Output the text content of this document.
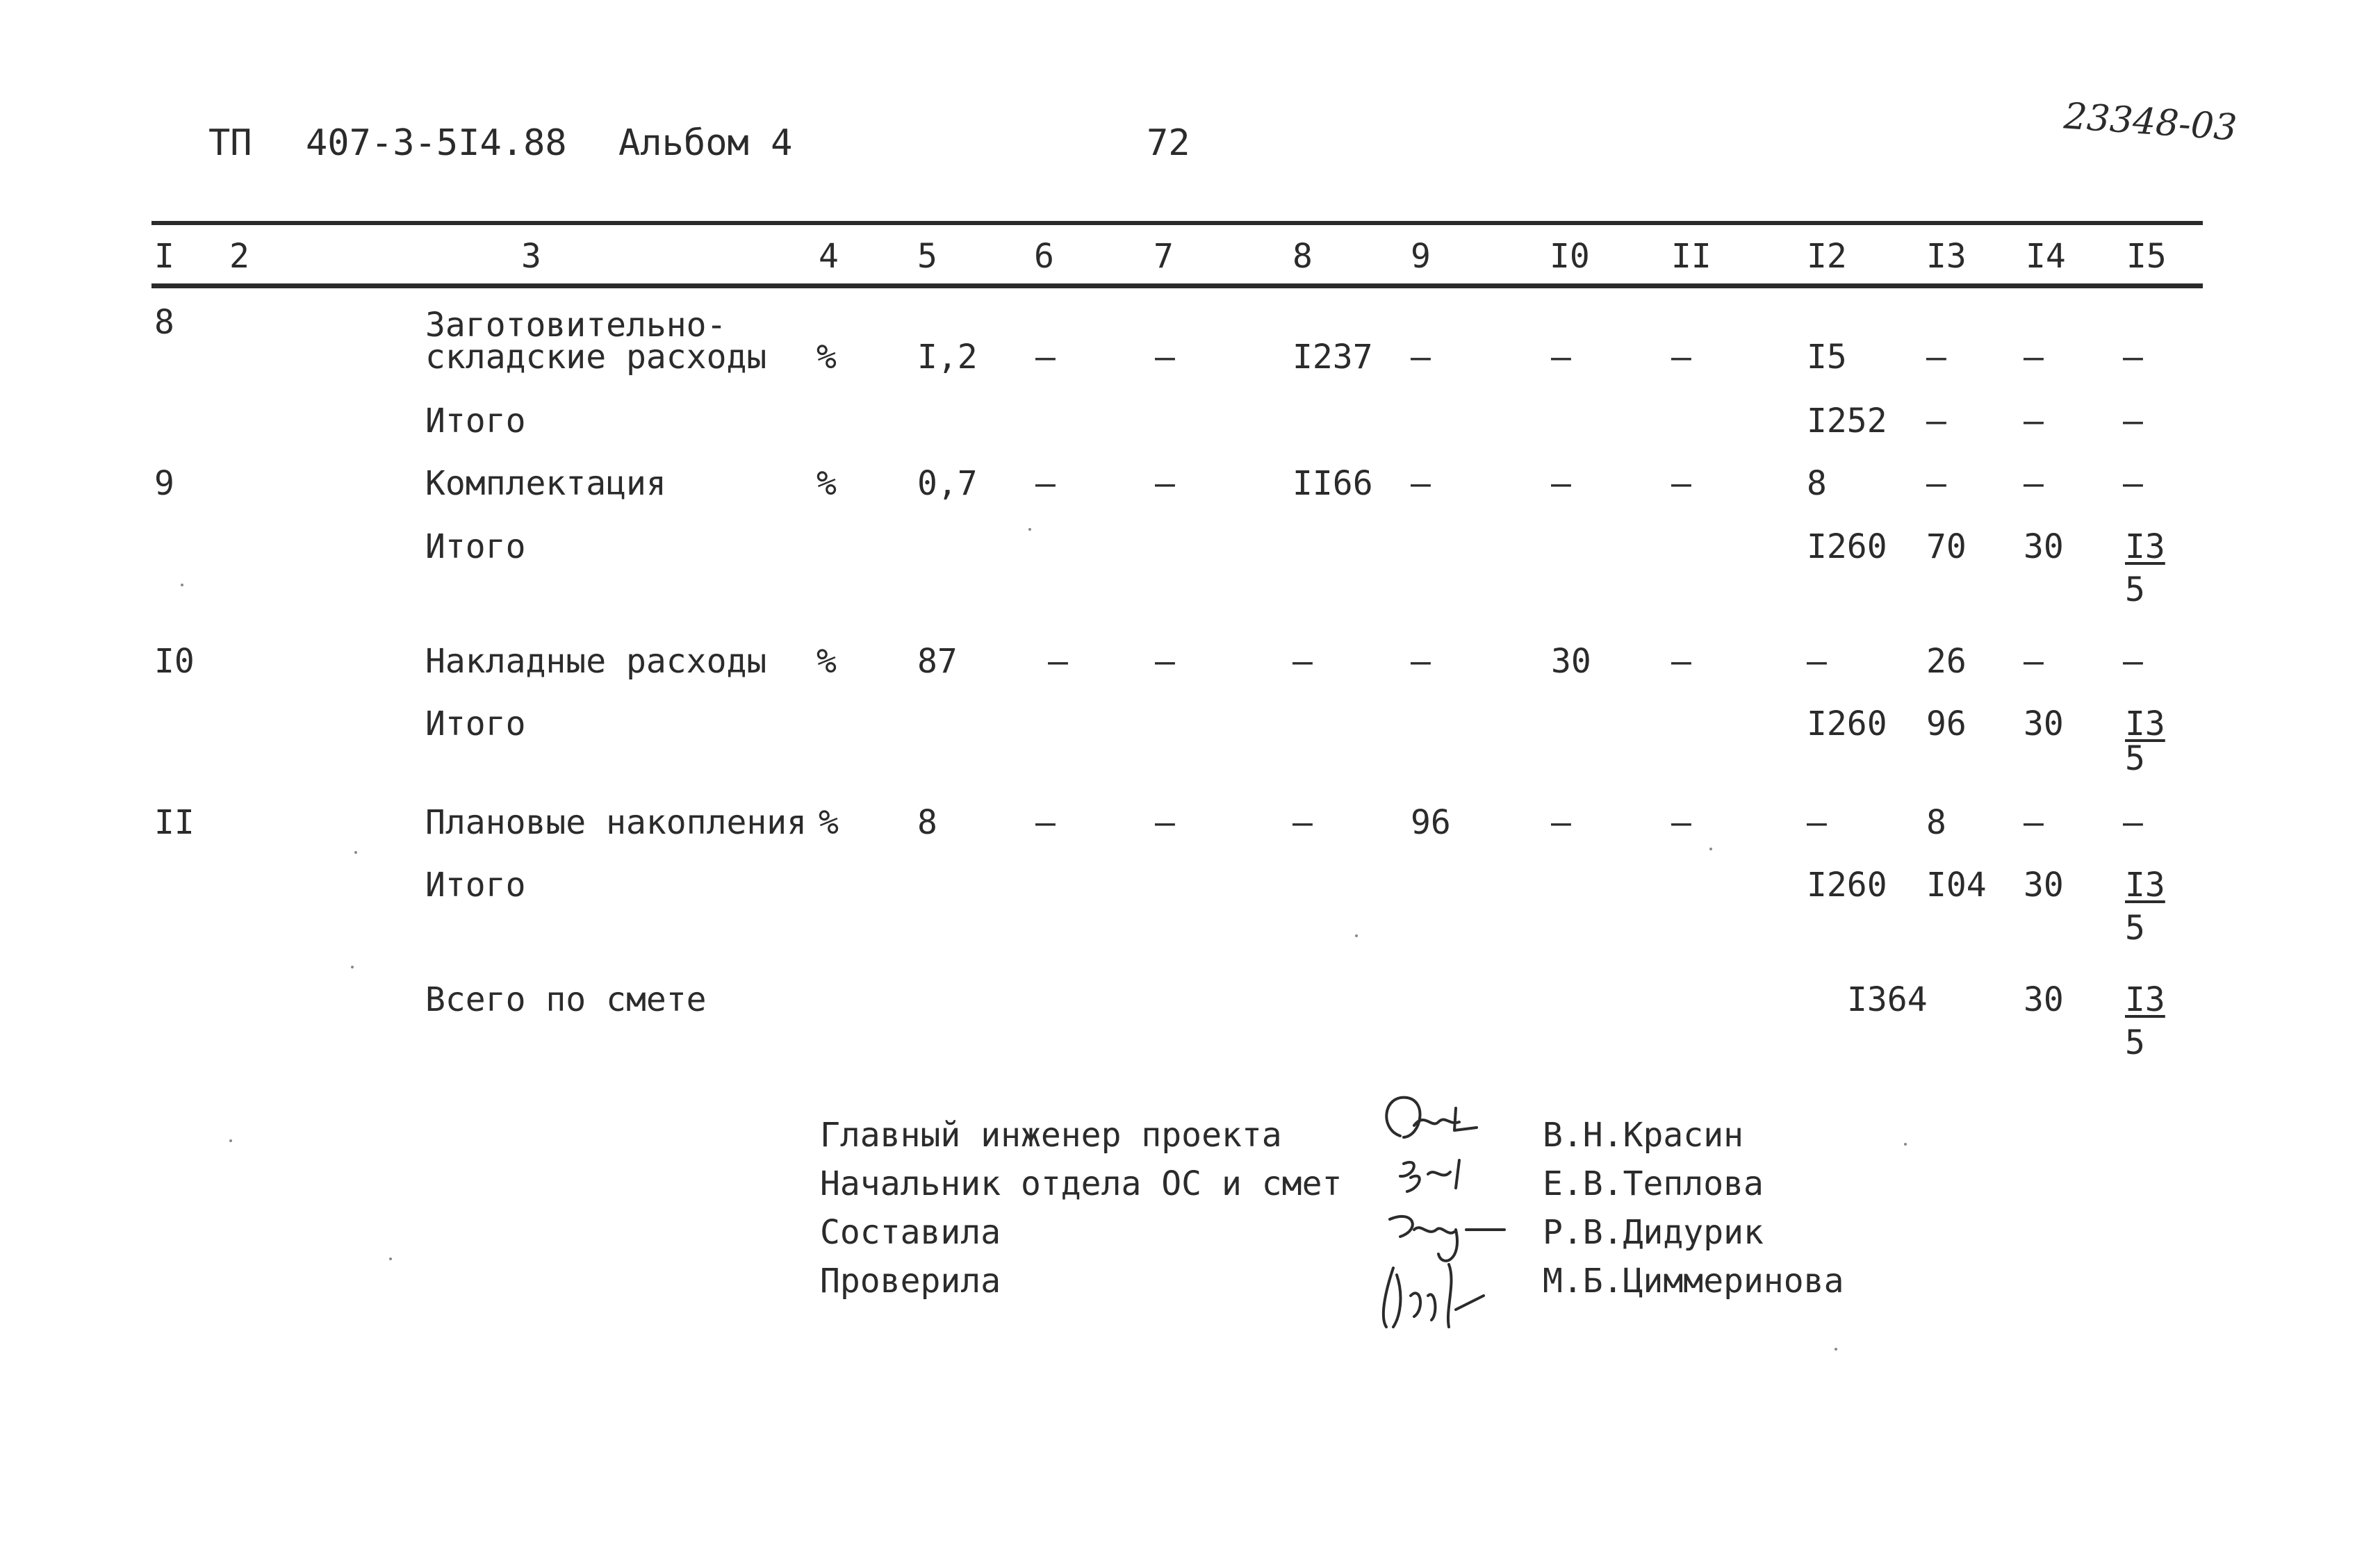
ТП 407-3-5I4.88 Альбом 4	72	23348-03
I 2	3	4 5	6	7	8	9	I0 II	I2 I3 I4 I5
8	Заготовительно-
складские расходы % I,2 –	–	I237 –	–	–	I5 – – –
Итого	I252 – – –
9	Комплектация	% 0,7 –	–	II66 –	–	–	8	– – –
Итого	I260 70 $30 \frac{I3}{5}$
I0	Накладные расходы % 87	–	–	–	–	30 –	–	26 – –
Итого	I260 96 $30 \frac{I3}{5}$
II	Плановые накопления % 8	–	–	–	96	–	–	–	8 – –
Итого	I260 I04 $30 \frac{I3}{5}$
Всего по смете	I364	$30 \frac{I3}{5}$
Главный инженер проекта	В.Н.Красин
Начальник отдела ОС и смет	Е.В.Теплова
Составила	Р.В.Дидурик
Проверила	М.Б.Циммеринова
